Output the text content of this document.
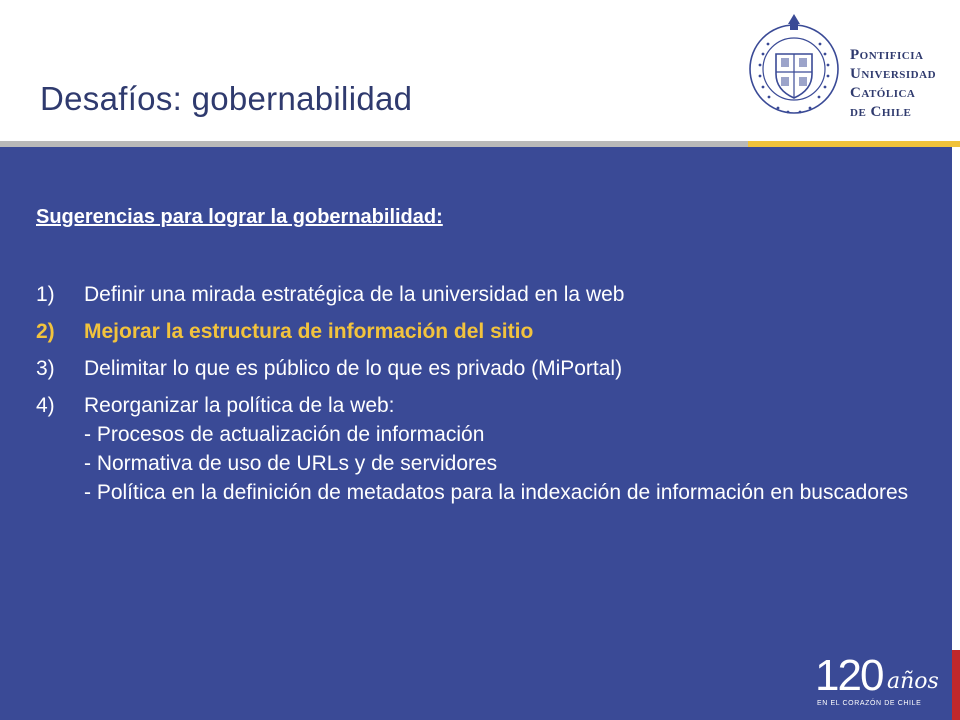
Desafíos: gobernabilidad
Pontificia
Universidad
Católica
de Chile
Sugerencias para lograr la gobernabilidad:
1)	Definir una mirada estratégica de la universidad en la web
2)	Mejorar la estructura de información del sitio
3)	Delimitar lo que es público de lo que es privado (MiPortal)
4)	Reorganizar la política de la web:
- Procesos de actualización de información
- Normativa de uso de URLs y de servidores
- Política en la definición de metadatos para la indexación de información en buscadores
120 años
EN EL CORAZÓN DE CHILE
